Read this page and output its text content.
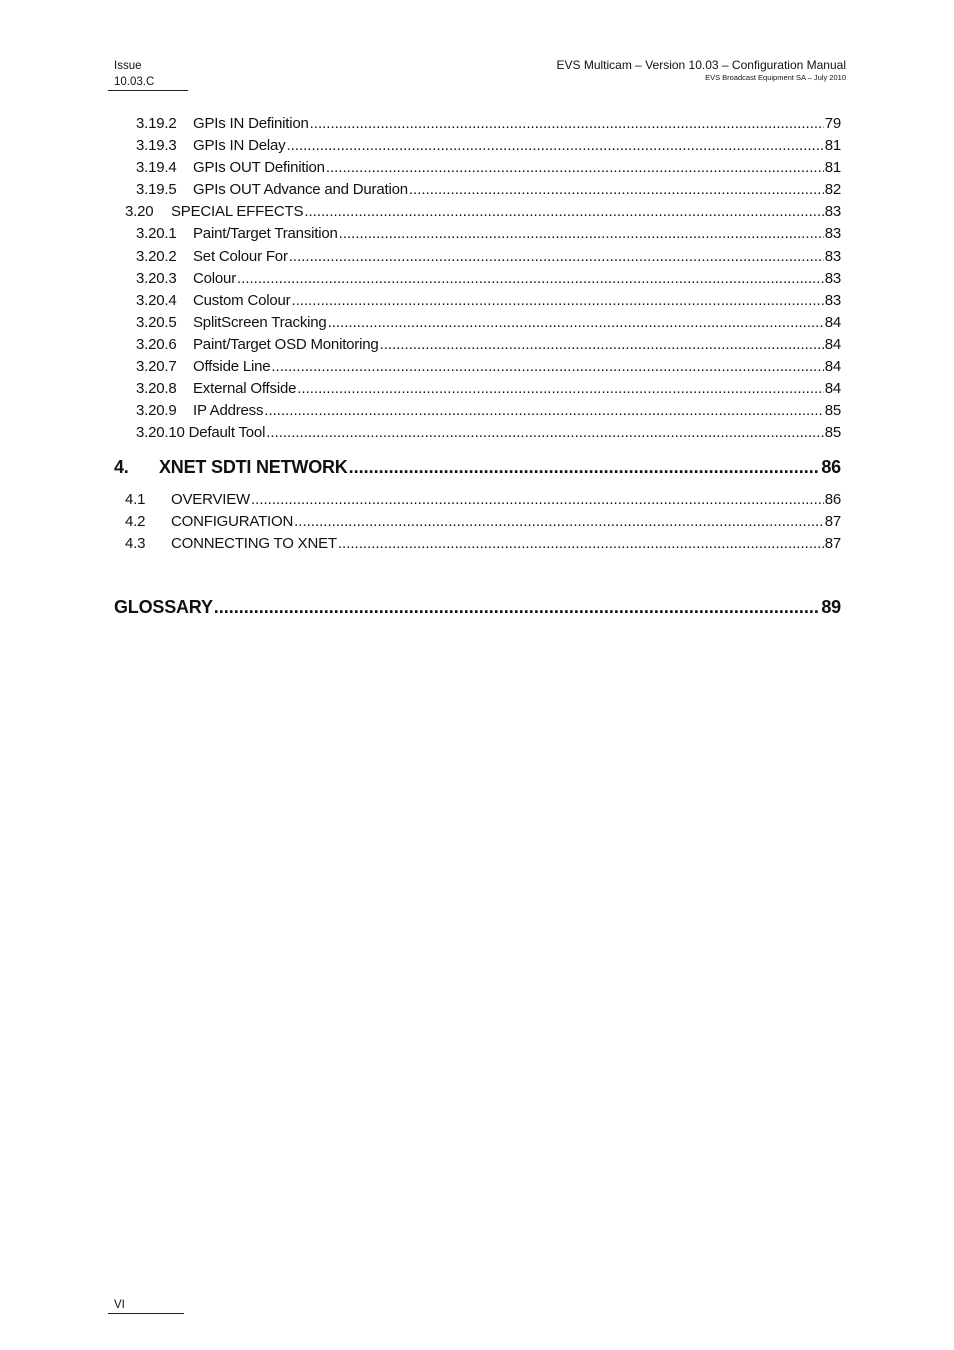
Issue
10.03.C
EVS Multicam – Version 10.03 – Configuration Manual
EVS Broadcast Equipment SA – July 2010
3.19.2	GPIs IN Definition .....	79
3.19.3	GPIs IN Delay .....	81
3.19.4	GPIs OUT Definition .....	81
3.19.5	GPIs OUT Advance and Duration .....	82
3.20	SPECIAL EFFECTS .....	83
3.20.1	Paint/Target Transition .....	83
3.20.2	Set Colour For .....	83
3.20.3	Colour .....	83
3.20.4	Custom Colour .....	83
3.20.5	SplitScreen Tracking .....	84
3.20.6	Paint/Target OSD Monitoring .....	84
3.20.7	Offside Line .....	84
3.20.8	External Offside .....	84
3.20.9	IP Address .....	85
3.20.10 Default Tool .....	85
4.	XNET SDTI NETWORK .....	86
4.1	OVERVIEW .....	86
4.2	CONFIGURATION .....	87
4.3	CONNECTING TO XNET .....	87
GLOSSARY .....	89
VI
